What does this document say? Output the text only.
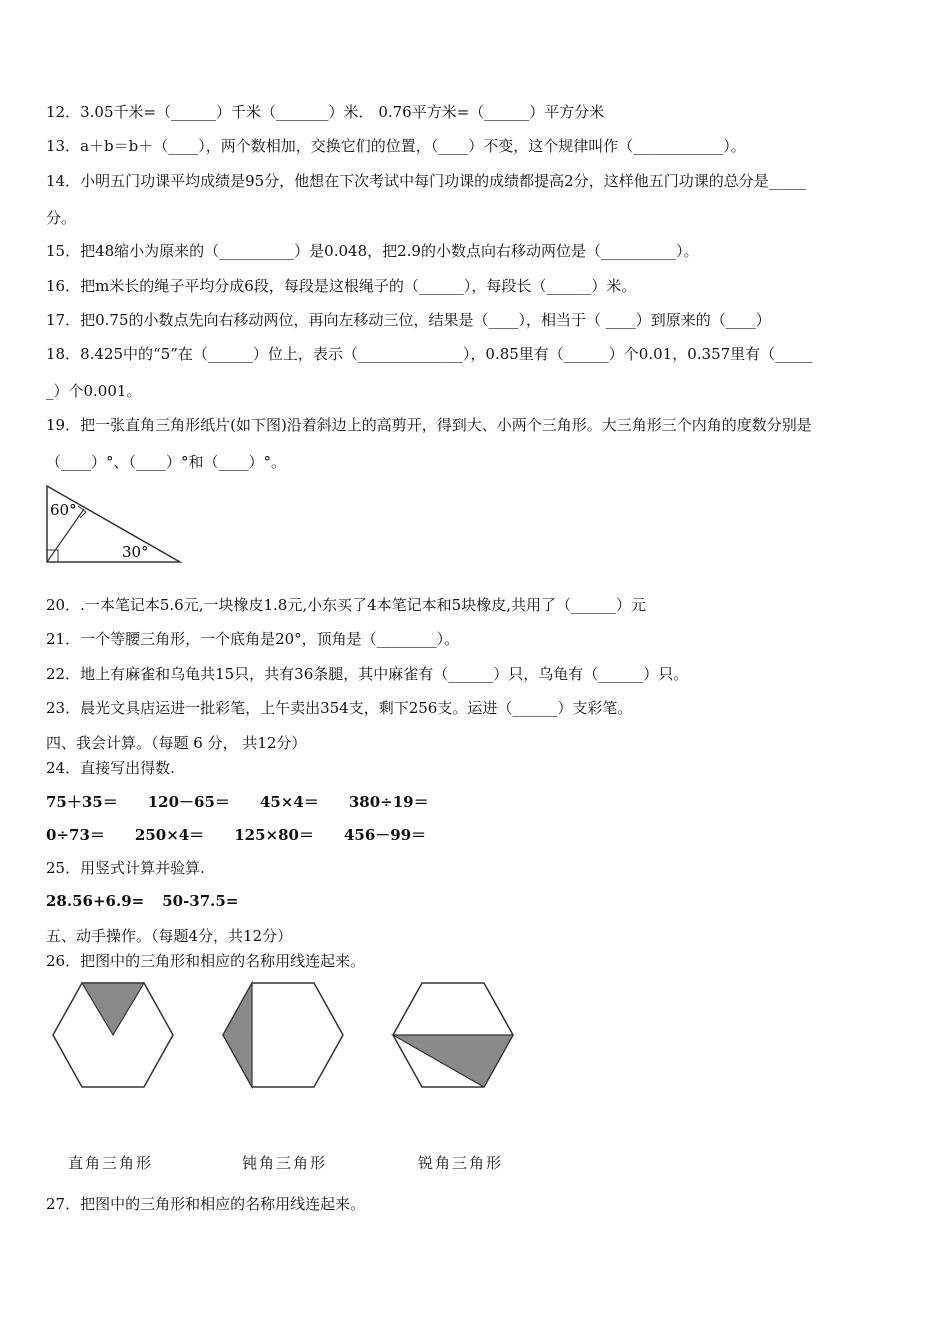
12．3.05千米=（______）千米（_______）米． 0.76平方米=（______）平方分米
13．a＋b＝b＋（____），两个数相加，交换它们的位置，（____）不变，这个规律叫作（____________）。
14．小明五门功课平均成绩是95分，他想在下次考试中每门功课的成绩都提高2分，这样他五门功课的总分是_____
分。
15．把48缩小为原来的（__________）是0.048，把2.9的小数点向右移动两位是（__________）。
16．把m米长的绳子平均分成6段，每段是这根绳子的（______），每段长（______）米。
17．把0.75的小数点先向右移动两位，再向左移动三位，结果是（____），相当于（ ____）到原来的（____）
18．8.425中的“5”在（______）位上，表示（______________），0.85里有（______）个0.01，0.357里有（_____
_）个0.001。
19．把一张直角三角形纸片(如下图)沿着斜边上的高剪开，得到大、小两个三角形。大三角形三个内角的度数分别是
（____）°、（____）°和（____）°。
60°
30°
20．.一本笔记本5.6元,一块橡皮1.8元,小东买了4本笔记本和5块橡皮,共用了（______）元
21．一个等腰三角形，一个底角是20°，顶角是（________）。
22．地上有麻雀和乌龟共15只，共有36条腿，其中麻雀有（______）只，乌龟有（______）只。
23．晨光文具店运进一批彩笔，上午卖出354支，剩下256支。运进（______）支彩笔。
四、我会计算。（每题 6 分， 共12分）
24．直接写出得数.
75＋35＝ 120－65＝ 45×4＝ 380÷19＝
0÷73＝ 250×4＝ 125×80＝ 456－99＝
25．用竖式计算并验算.
28.56+6.9= 50-37.5=
五、动手操作。（每题4分，共12分）
26．把图中的三角形和相应的名称用线连起来。
直角三角形	钝角三角形	锐角三角形
27．把图中的三角形和相应的名称用线连起来。
